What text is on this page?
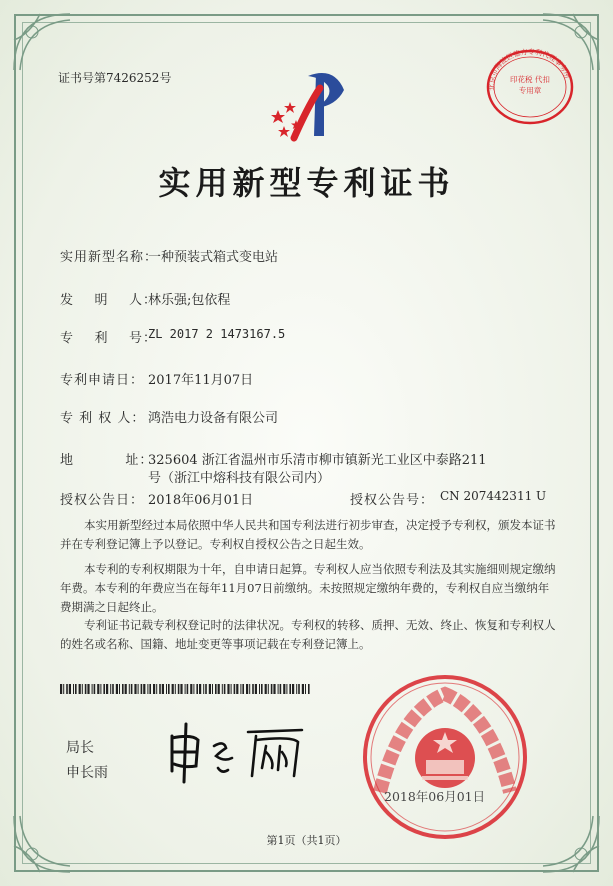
证书号第7426252号
北京市海淀区德方专利代理事务所
印花税 代扣专用章
实用新型专利证书
实用新型名称：
一种预装式箱式变电站
发    明    人：
林乐强;包依程
专    利    号：
ZL 2017 2 1473167.5
专利申请日： 2017年11月07日
专 利 权 人： 鸿浩电力设备有限公司
地          址：
325604 浙江省温州市乐清市柳市镇新光工业区中泰路211
号（浙江中熔科技有限公司内）
授权公告日： 2018年06月01日	授权公告号： CN 207442311 U
本实用新型经过本局依照中华人民共和国专利法进行初步审查，决定授予专利权，颁发本证书并在专利登记簿上予以登记。专利权自授权公告之日起生效。
本专利的专利权期限为十年，自申请日起算。专利权人应当依照专利法及其实施细则规定缴纳年费。本专利的年费应当在每年11月07日前缴纳。未按照规定缴纳年费的，专利权自应当缴纳年费期满之日起终止。
专利证书记载专利权登记时的法律状况。专利权的转移、质押、无效、终止、恢复和专利权人的姓名或名称、国籍、地址变更等事项记载在专利登记簿上。
局长
申长雨
2018年06月01日
第1页（共1页）
